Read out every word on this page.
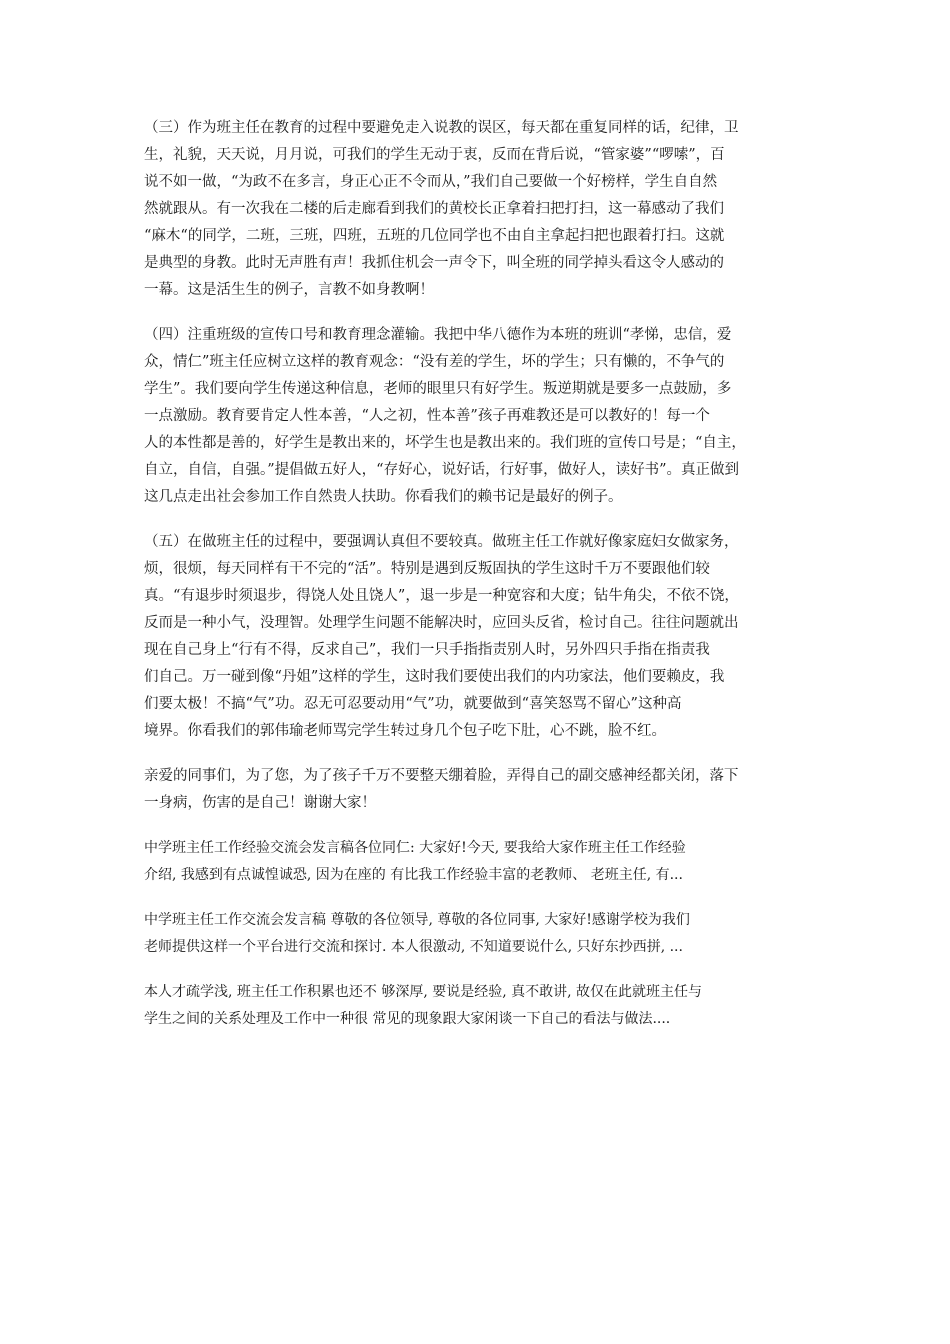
（三）作为班主任在教育的过程中要避免走入说教的误区，每天都在重复同样的话，纪律，卫
生，礼貌，天天说，月月说，可我们的学生无动于衷，反而在背后说，“管家婆”“啰嗦”，百
说不如一做，“为政不在多言，身正心正不令而从，”我们自己要做一个好榜样，学生自自然
然就跟从。有一次我在二楼的后走廊看到我们的黄校长正拿着扫把打扫，这一幕感动了我们
“麻木“的同学，二班，三班，四班，五班的几位同学也不由自主拿起扫把也跟着打扫。这就
是典型的身教。此时无声胜有声！我抓住机会一声令下，叫全班的同学掉头看这令人感动的
一幕。这是活生生的例子，言教不如身教啊！
（四）注重班级的宣传口号和教育理念灌输。我把中华八德作为本班的班训“孝悌，忠信，爱
众，情仁”班主任应树立这样的教育观念：“没有差的学生，坏的学生；只有懒的，不争气的
学生”。我们要向学生传递这种信息，老师的眼里只有好学生。叛逆期就是要多一点鼓励，多
一点激励。教育要肯定人性本善，“人之初，性本善”孩子再难教还是可以教好的！每一个
人的本性都是善的，好学生是教出来的，坏学生也是教出来的。我们班的宣传口号是；“自主，
自立，自信，自强。”提倡做五好人，“存好心，说好话，行好事，做好人，读好书”。真正做到
这几点走出社会参加工作自然贵人扶助。你看我们的赖书记是最好的例子。
（五）在做班主任的过程中，要强调认真但不要较真。做班主任工作就好像家庭妇女做家务，
烦，很烦，每天同样有干不完的“活”。特别是遇到反叛固执的学生这时千万不要跟他们较
真。“有退步时须退步，得饶人处且饶人”，退一步是一种宽容和大度；钻牛角尖，不依不饶，
反而是一种小气，没理智。处理学生问题不能解决时，应回头反省，检讨自己。往往问题就出
现在自己身上“行有不得，反求自己”，我们一只手指指责别人时，另外四只手指在指责我
们自己。万一碰到像“丹姐”这样的学生，这时我们要使出我们的内功家法，他们要赖皮，我
们要太极！不搞“气”功。忍无可忍要动用“气”功，就要做到“喜笑怒骂不留心”这种高
境界。你看我们的郭伟瑜老师骂完学生转过身几个包子吃下肚，心不跳，脸不红。
亲爱的同事们，为了您，为了孩子千万不要整天绷着脸，弄得自己的副交感神经都关闭，落下
一身病，伤害的是自己！谢谢大家！
中学班主任工作经验交流会发言稿各位同仁: 大家好!今天, 要我给大家作班主任工作经验
介绍, 我感到有点诚惶诚恐, 因为在座的 有比我工作经验丰富的老教师、 老班主任, 有...
中学班主任工作交流会发言稿 尊敬的各位领导, 尊敬的各位同事, 大家好!感谢学校为我们
老师提供这样一个平台进行交流和探讨. 本人很激动, 不知道要说什么, 只好东抄西拼, ...
本人才疏学浅, 班主任工作积累也还不 够深厚, 要说是经验, 真不敢讲, 故仅在此就班主任与
学生之间的关系处理及工作中一种很 常见的现象跟大家闲谈一下自己的看法与做法....
